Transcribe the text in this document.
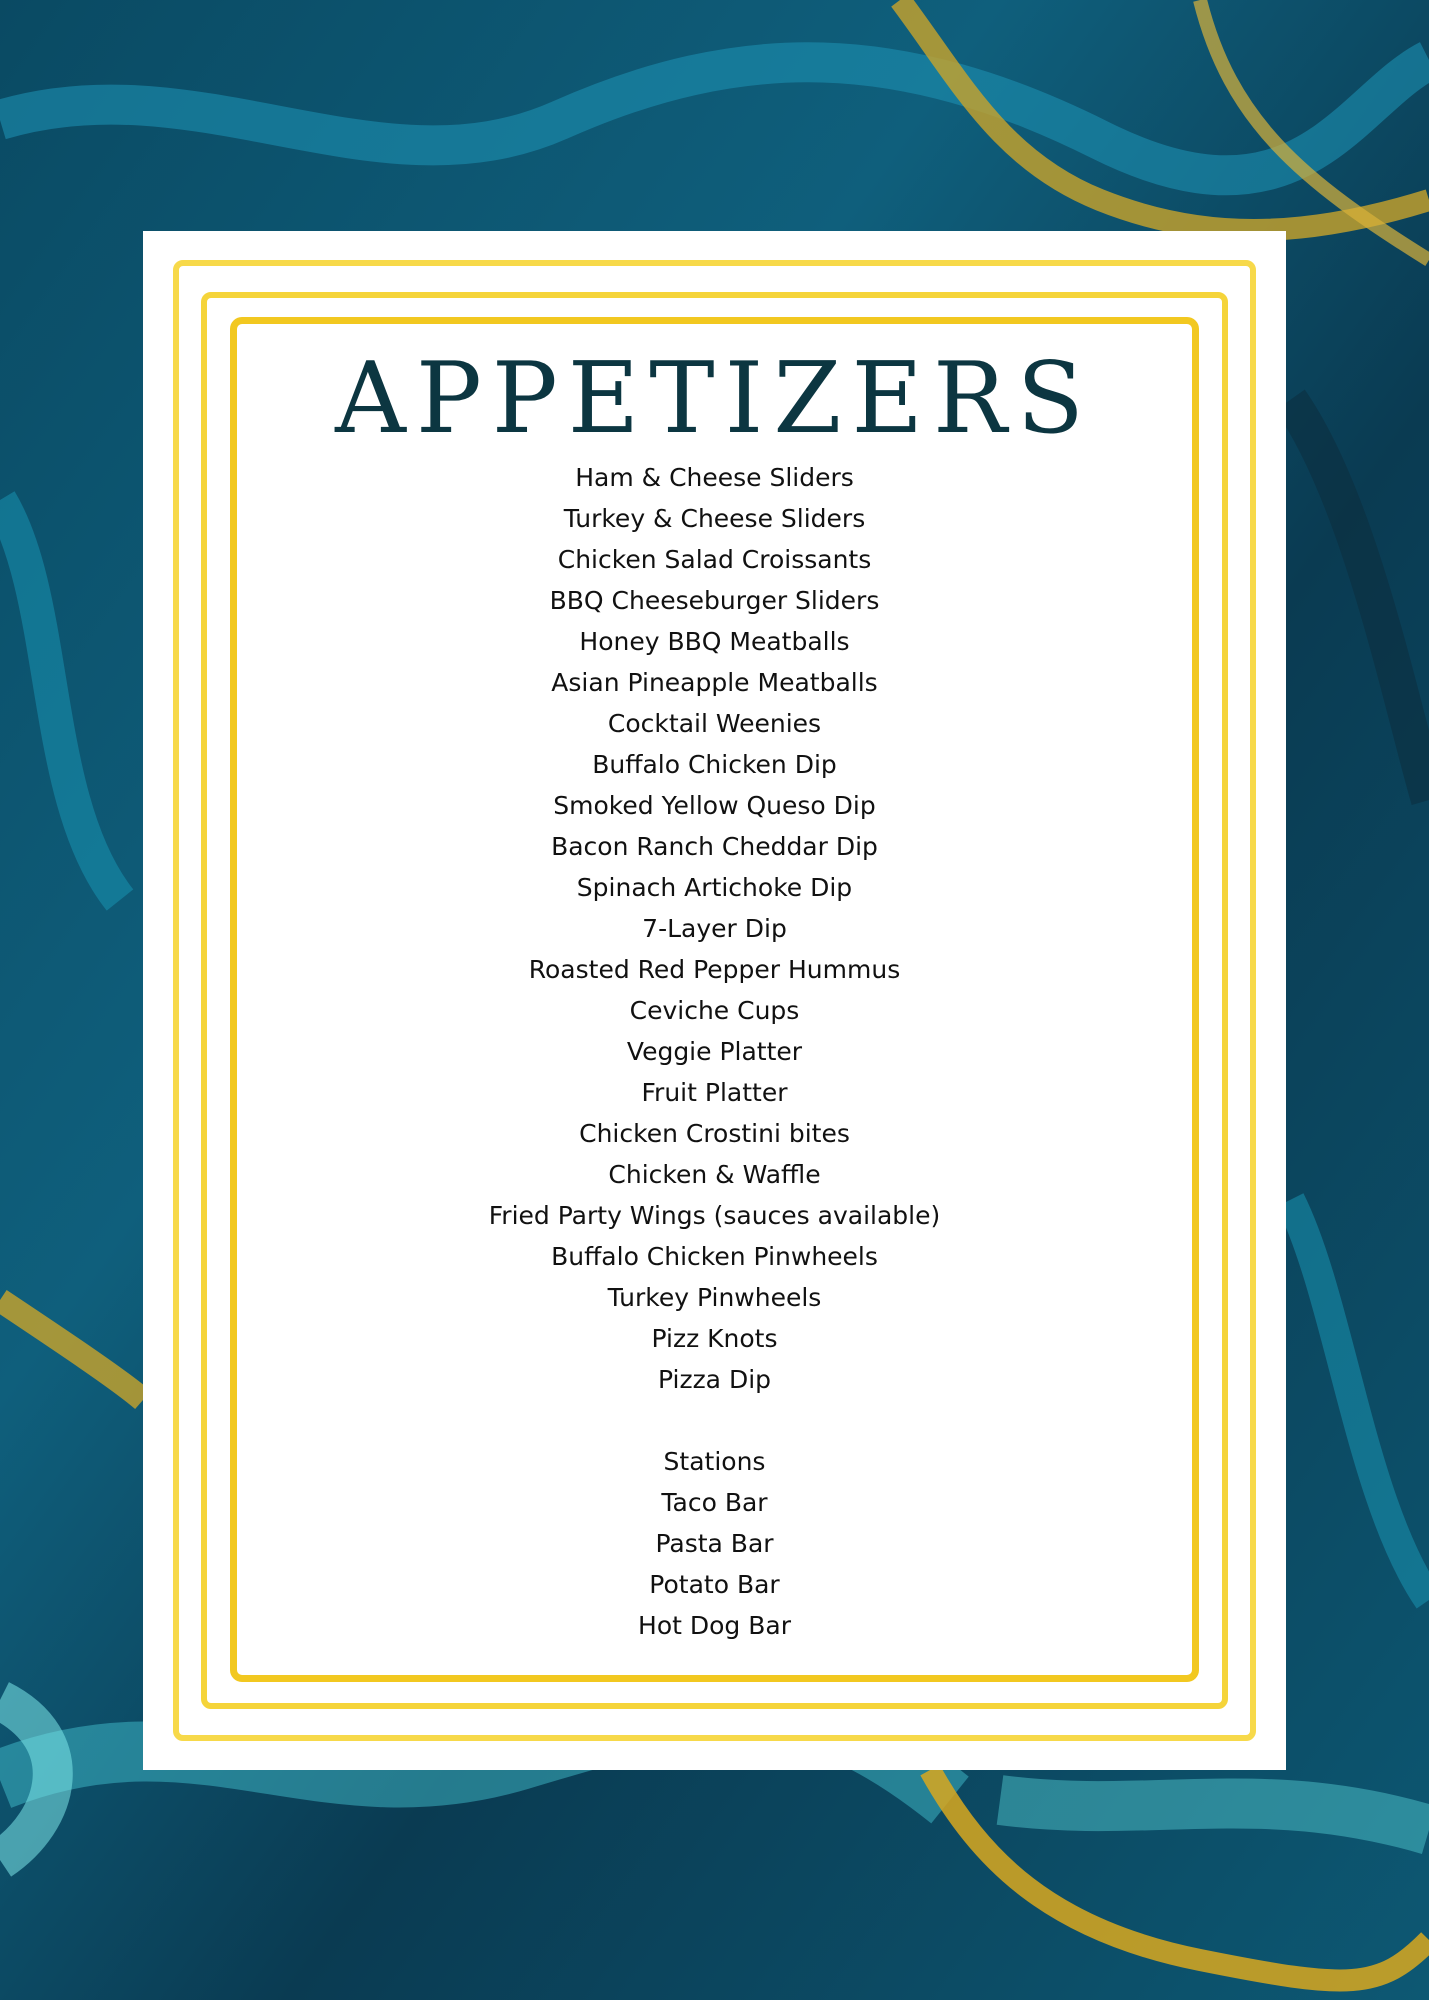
APPETIZERS
Ham & Cheese Sliders
Turkey & Cheese Sliders
Chicken Salad Croissants
BBQ Cheeseburger Sliders
Honey BBQ Meatballs
Asian Pineapple Meatballs
Cocktail Weenies
Buffalo Chicken Dip
Smoked Yellow Queso Dip
Bacon Ranch Cheddar Dip
Spinach Artichoke Dip
7-Layer Dip
Roasted Red Pepper Hummus
Ceviche Cups
Veggie Platter
Fruit Platter
Chicken Crostini bites
Chicken & Waffle
Fried Party Wings (sauces available)
Buffalo Chicken Pinwheels
Turkey Pinwheels
Pizz Knots
Pizza Dip
Stations
Taco Bar
Pasta Bar
Potato Bar
Hot Dog Bar
